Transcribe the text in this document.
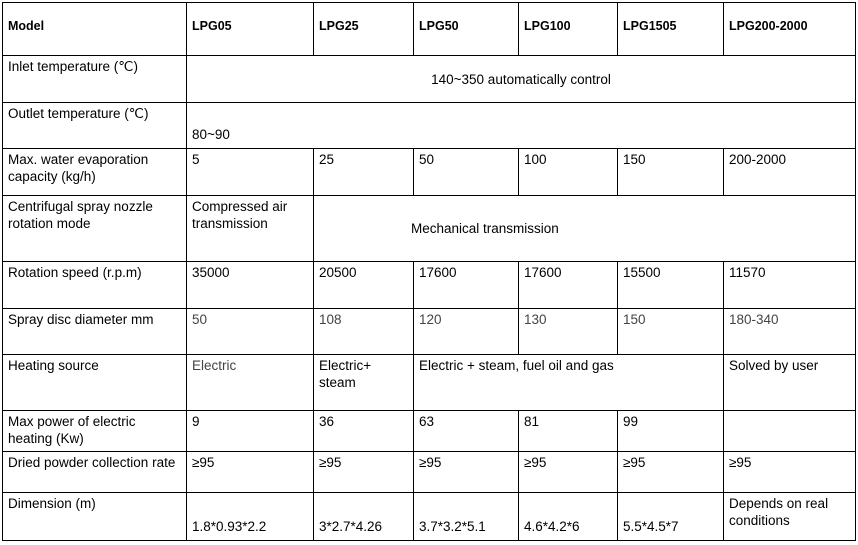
Model	LPG05	LPG25	LPG50	LPG100	LPG1505	LPG200-2000
Inlet temperature (℃)	140~350 automatically control					
Outlet temperature (℃)	80~90					
Max. water evaporation capacity (kg/h)	5	25	50	100	150	200-2000
Centrifugal spray nozzle rotation mode	Compressed air transmission	Mechanical transmission				
Rotation speed (r.p.m)	35000	20500	17600	17600	15500	11570
Spray disc diameter mm	50	108	120	130	150	180-340
Heating source	Electric	Electric+ steam	Electric + steam, fuel oil and gas			Solved by user
Max power of electric heating (Kw)	9	36	63	81	99	
Dried powder collection rate	≥95	≥95	≥95	≥95	≥95	≥95
Dimension (m)	1.8*0.93*2.2	3*2.7*4.26	3.7*3.2*5.1	4.6*4.2*6	5.5*4.5*7	Depends on real conditions
